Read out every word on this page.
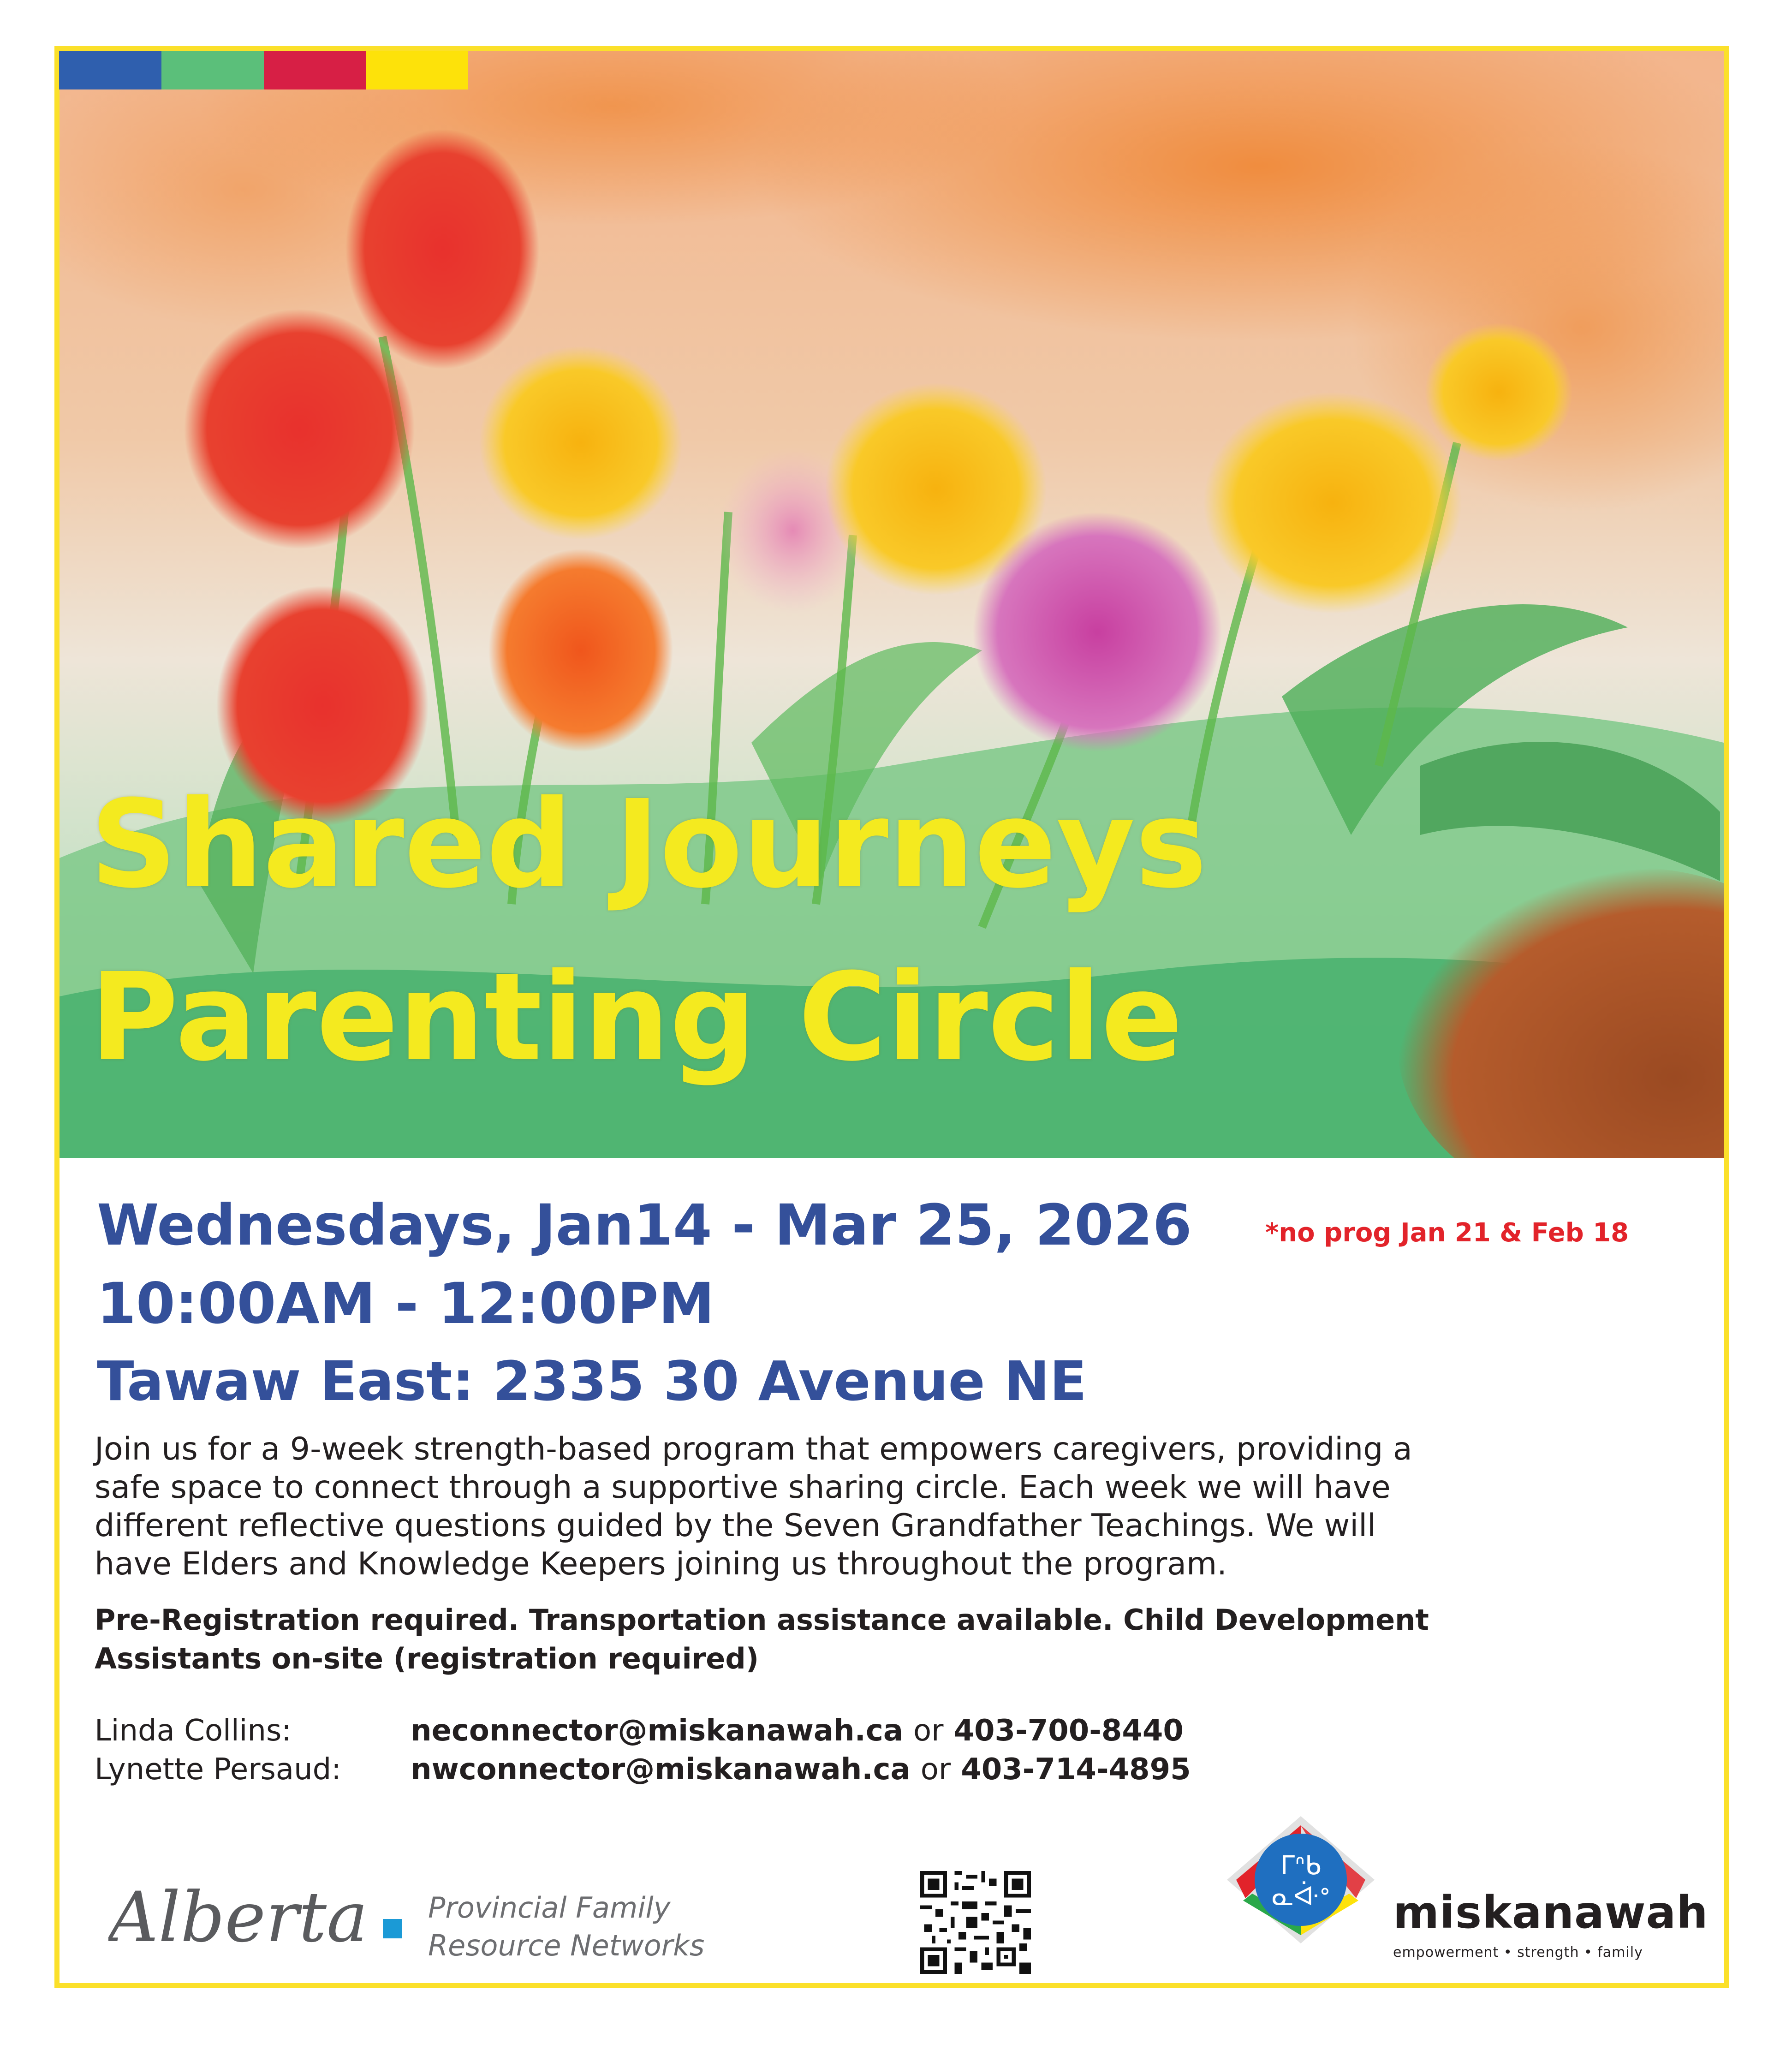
Shared Journeys
Parenting Circle
Wednesdays, Jan14 - Mar 25, 2026	*no prog Jan 21 & Feb 18
10:00AM - 12:00PM
Tawaw East: 2335 30 Avenue NE
Join us for a 9-week strength-based program that empowers caregivers, providing a
safe space to connect through a supportive sharing circle. Each week we will have
different reflective questions guided by the Seven Grandfather Teachings. We will
have Elders and Knowledge Keepers joining us throughout the program.
Pre-Registration required. Transportation assistance available. Child Development
Assistants on-site (registration required)
Linda Collins:	neconnector@miskanawah.ca or 403-700-8440
Lynette Persaud:	nwconnector@miskanawah.ca or 403-714-4895
Alberta Provincial Family
Resource Networks
ᒥᐢᑲ
ᓇᐚᐤ miskanawah
empowerment • strength • family
